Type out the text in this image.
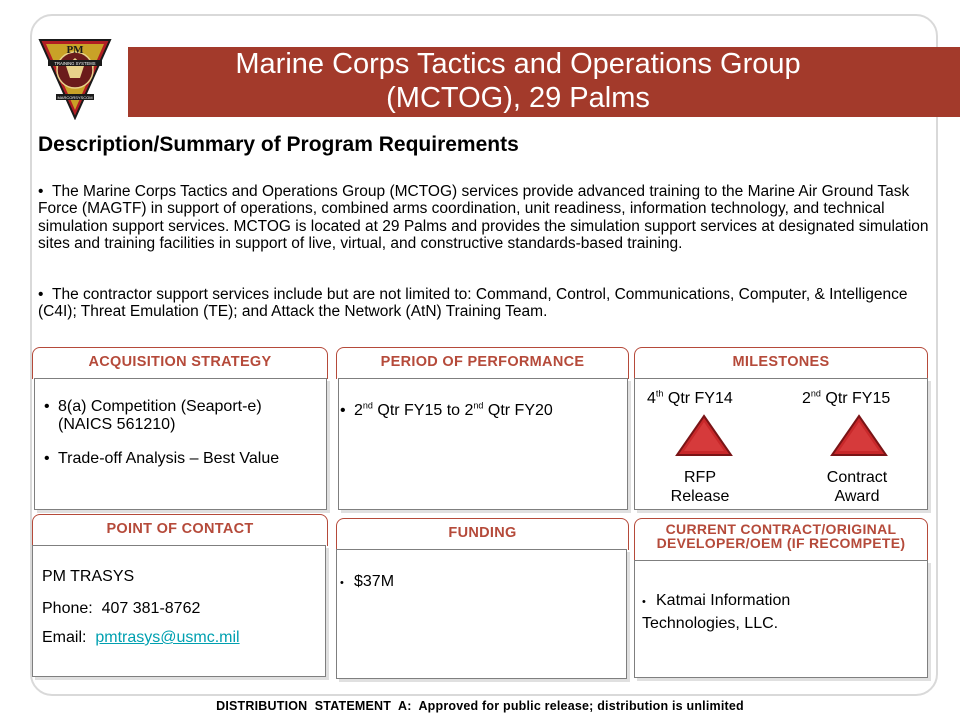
PM
TRAINING SYSTEMS
MARCORSYSCOM
Marine Corps Tactics and Operations Group
(MCTOG), 29 Palms
Description/Summary of Program Requirements
•  The Marine Corps Tactics and Operations Group (MCTOG) services provide advanced training to the Marine Air Ground Task Force (MAGTF) in support of operations, combined arms coordination, unit readiness, information technology, and technical simulation support services. MCTOG is located at 29 Palms and provides the simulation support services at designated simulation sites and training facilities in support of live, virtual, and constructive standards-based training.
•  The contractor support services include but are not limited to: Command, Control, Communications, Computer, & Intelligence (C4I); Threat Emulation (TE); and Attack the Network (AtN) Training Team.
ACQUISITION STRATEGY
• 8(a) Competition (Seaport-e)
(NAICS 561210)
• Trade-off Analysis – Best Value
PERIOD OF PERFORMANCE
• 2nd Qtr FY15 to 2nd Qtr FY20
MILESTONES
4th Qtr FY14	2nd Qtr FY15
RFP
Release
Contract
Award
POINT OF CONTACT
PM TRASYS
Phone: 407 381-8762
Email: pmtrasys@usmc.mil
FUNDING
• $37M
CURRENT CONTRACT/ORIGINAL
DEVELOPER/OEM (IF RECOMPETE)
• Katmai Information
Technologies, LLC.
DISTRIBUTION  STATEMENT  A:  Approved for public release; distribution is unlimited
